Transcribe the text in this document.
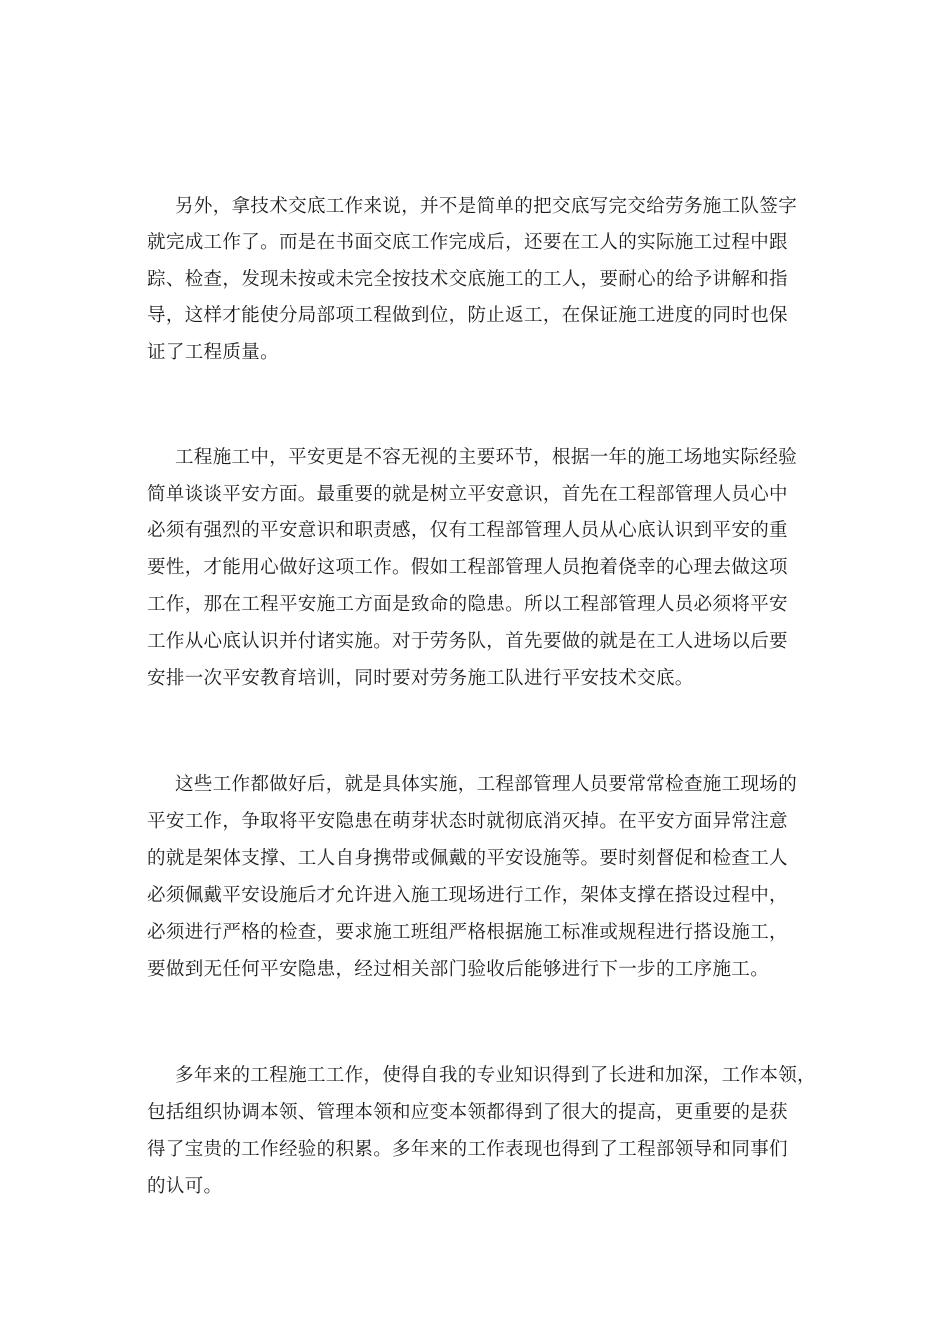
另外，拿技术交底工作来说，并不是简单的把交底写完交给劳务施工队签字
就完成工作了。而是在书面交底工作完成后，还要在工人的实际施工过程中跟
踪、检查，发现未按或未完全按技术交底施工的工人，要耐心的给予讲解和指
导，这样才能使分局部项工程做到位，防止返工，在保证施工进度的同时也保
证了工程质量。
工程施工中，平安更是不容无视的主要环节，根据一年的施工场地实际经验
简单谈谈平安方面。最重要的就是树立平安意识，首先在工程部管理人员心中
必须有强烈的平安意识和职责感，仅有工程部管理人员从心底认识到平安的重
要性，才能用心做好这项工作。假如工程部管理人员抱着侥幸的心理去做这项
工作，那在工程平安施工方面是致命的隐患。所以工程部管理人员必须将平安
工作从心底认识并付诸实施。对于劳务队，首先要做的就是在工人进场以后要
安排一次平安教育培训，同时要对劳务施工队进行平安技术交底。
这些工作都做好后，就是具体实施，工程部管理人员要常常检查施工现场的
平安工作，争取将平安隐患在萌芽状态时就彻底消灭掉。在平安方面异常注意
的就是架体支撑、工人自身携带或佩戴的平安设施等。要时刻督促和检查工人
必须佩戴平安设施后才允许进入施工现场进行工作，架体支撑在搭设过程中，
必须进行严格的检查，要求施工班组严格根据施工标准或规程进行搭设施工，
要做到无任何平安隐患，经过相关部门验收后能够进行下一步的工序施工。
多年来的工程施工工作，使得自我的专业知识得到了长进和加深，工作本领，
包括组织协调本领、管理本领和应变本领都得到了很大的提高，更重要的是获
得了宝贵的工作经验的积累。多年来的工作表现也得到了工程部领导和同事们
的认可。
